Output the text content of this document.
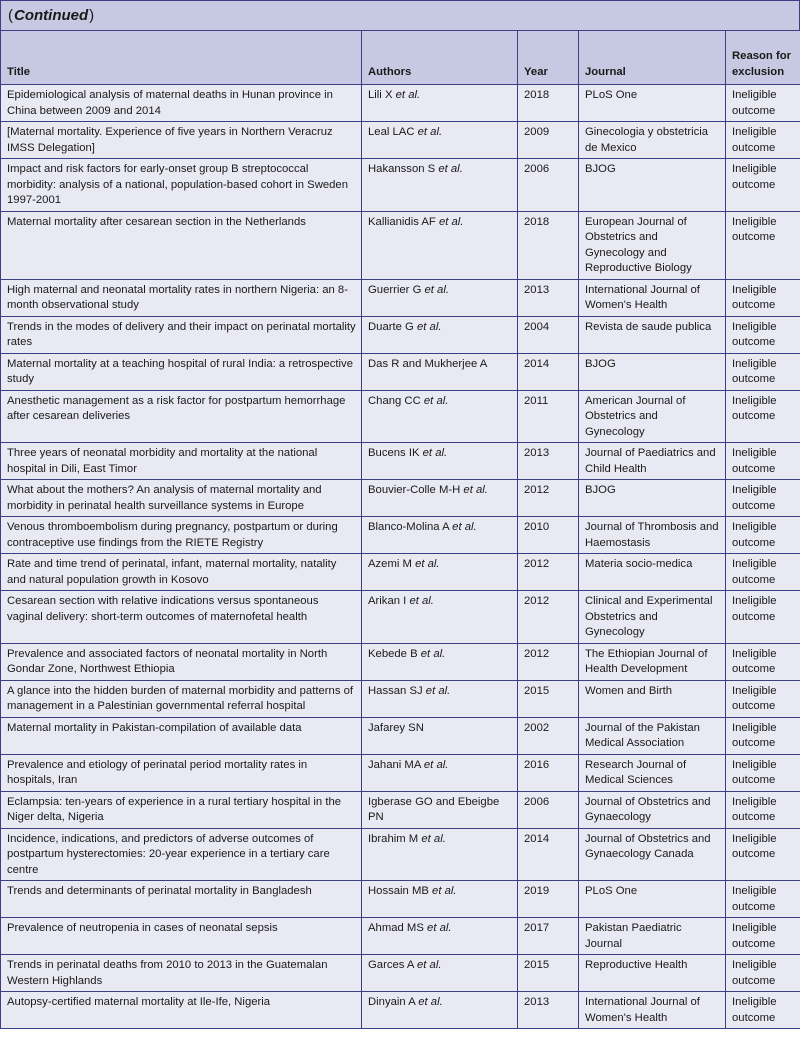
( Continued )
Title	Authors	Year	Journal	Reason for exclusion
Epidemiological analysis of maternal deaths in Hunan province in China between 2009 and 2014	Lili X et al.	2018	PLoS One	Ineligible outcome
[Maternal mortality. Experience of five years in Northern Veracruz IMSS Delegation]	Leal LAC et al.	2009	Ginecologia y obstetricia de Mexico	Ineligible outcome
Impact and risk factors for early-onset group B streptococcal morbidity: analysis of a national, population-based cohort in Sweden 1997-2001	Hakansson S et al.	2006	BJOG	Ineligible outcome
Maternal mortality after cesarean section in the Netherlands	Kallianidis AF et al.	2018	European Journal of Obstetrics and Gynecology and Reproductive Biology	Ineligible outcome
High maternal and neonatal mortality rates in northern Nigeria: an 8-month observational study	Guerrier G et al.	2013	International Journal of Women's Health	Ineligible outcome
Trends in the modes of delivery and their impact on perinatal mortality rates	Duarte G et al.	2004	Revista de saude publica	Ineligible outcome
Maternal mortality at a teaching hospital of rural India: a retrospective study	Das R and Mukherjee A	2014	BJOG	Ineligible outcome
Anesthetic management as a risk factor for postpartum hemorrhage after cesarean deliveries	Chang CC et al.	2011	American Journal of Obstetrics and Gynecology	Ineligible outcome
Three years of neonatal morbidity and mortality at the national hospital in Dili, East Timor	Bucens IK et al.	2013	Journal of Paediatrics and Child Health	Ineligible outcome
What about the mothers? An analysis of maternal mortality and morbidity in perinatal health surveillance systems in Europe	Bouvier-Colle M-H et al.	2012	BJOG	Ineligible outcome
Venous thromboembolism during pregnancy, postpartum or during contraceptive use findings from the RIETE Registry	Blanco-Molina A et al.	2010	Journal of Thrombosis and Haemostasis	Ineligible outcome
Rate and time trend of perinatal, infant, maternal mortality, natality and natural population growth in Kosovo	Azemi M et al.	2012	Materia socio-medica	Ineligible outcome
Cesarean section with relative indications versus spontaneous vaginal delivery: short-term outcomes of maternofetal health	Arikan I et al.	2012	Clinical and Experimental Obstetrics and Gynecology	Ineligible outcome
Prevalence and associated factors of neonatal mortality in North Gondar Zone, Northwest Ethiopia	Kebede B et al.	2012	The Ethiopian Journal of Health Development	Ineligible outcome
A glance into the hidden burden of maternal morbidity and patterns of management in a Palestinian governmental referral hospital	Hassan SJ et al.	2015	Women and Birth	Ineligible outcome
Maternal mortality in Pakistan-compilation of available data	Jafarey SN	2002	Journal of the Pakistan Medical Association	Ineligible outcome
Prevalence and etiology of perinatal period mortality rates in hospitals, Iran	Jahani MA et al.	2016	Research Journal of Medical Sciences	Ineligible outcome
Eclampsia: ten-years of experience in a rural tertiary hospital in the Niger delta, Nigeria	Igberase GO and Ebeigbe PN	2006	Journal of Obstetrics and Gynaecology	Ineligible outcome
Incidence, indications, and predictors of adverse outcomes of postpartum hysterectomies: 20-year experience in a tertiary care centre	Ibrahim M et al.	2014	Journal of Obstetrics and Gynaecology Canada	Ineligible outcome
Trends and determinants of perinatal mortality in Bangladesh	Hossain MB et al.	2019	PLoS One	Ineligible outcome
Prevalence of neutropenia in cases of neonatal sepsis	Ahmad MS et al.	2017	Pakistan Paediatric Journal	Ineligible outcome
Trends in perinatal deaths from 2010 to 2013 in the Guatemalan Western Highlands	Garces A et al.	2015	Reproductive Health	Ineligible outcome
Autopsy-certified maternal mortality at Ile-Ife, Nigeria	Dinyain A et al.	2013	International Journal of Women's Health	Ineligible outcome
